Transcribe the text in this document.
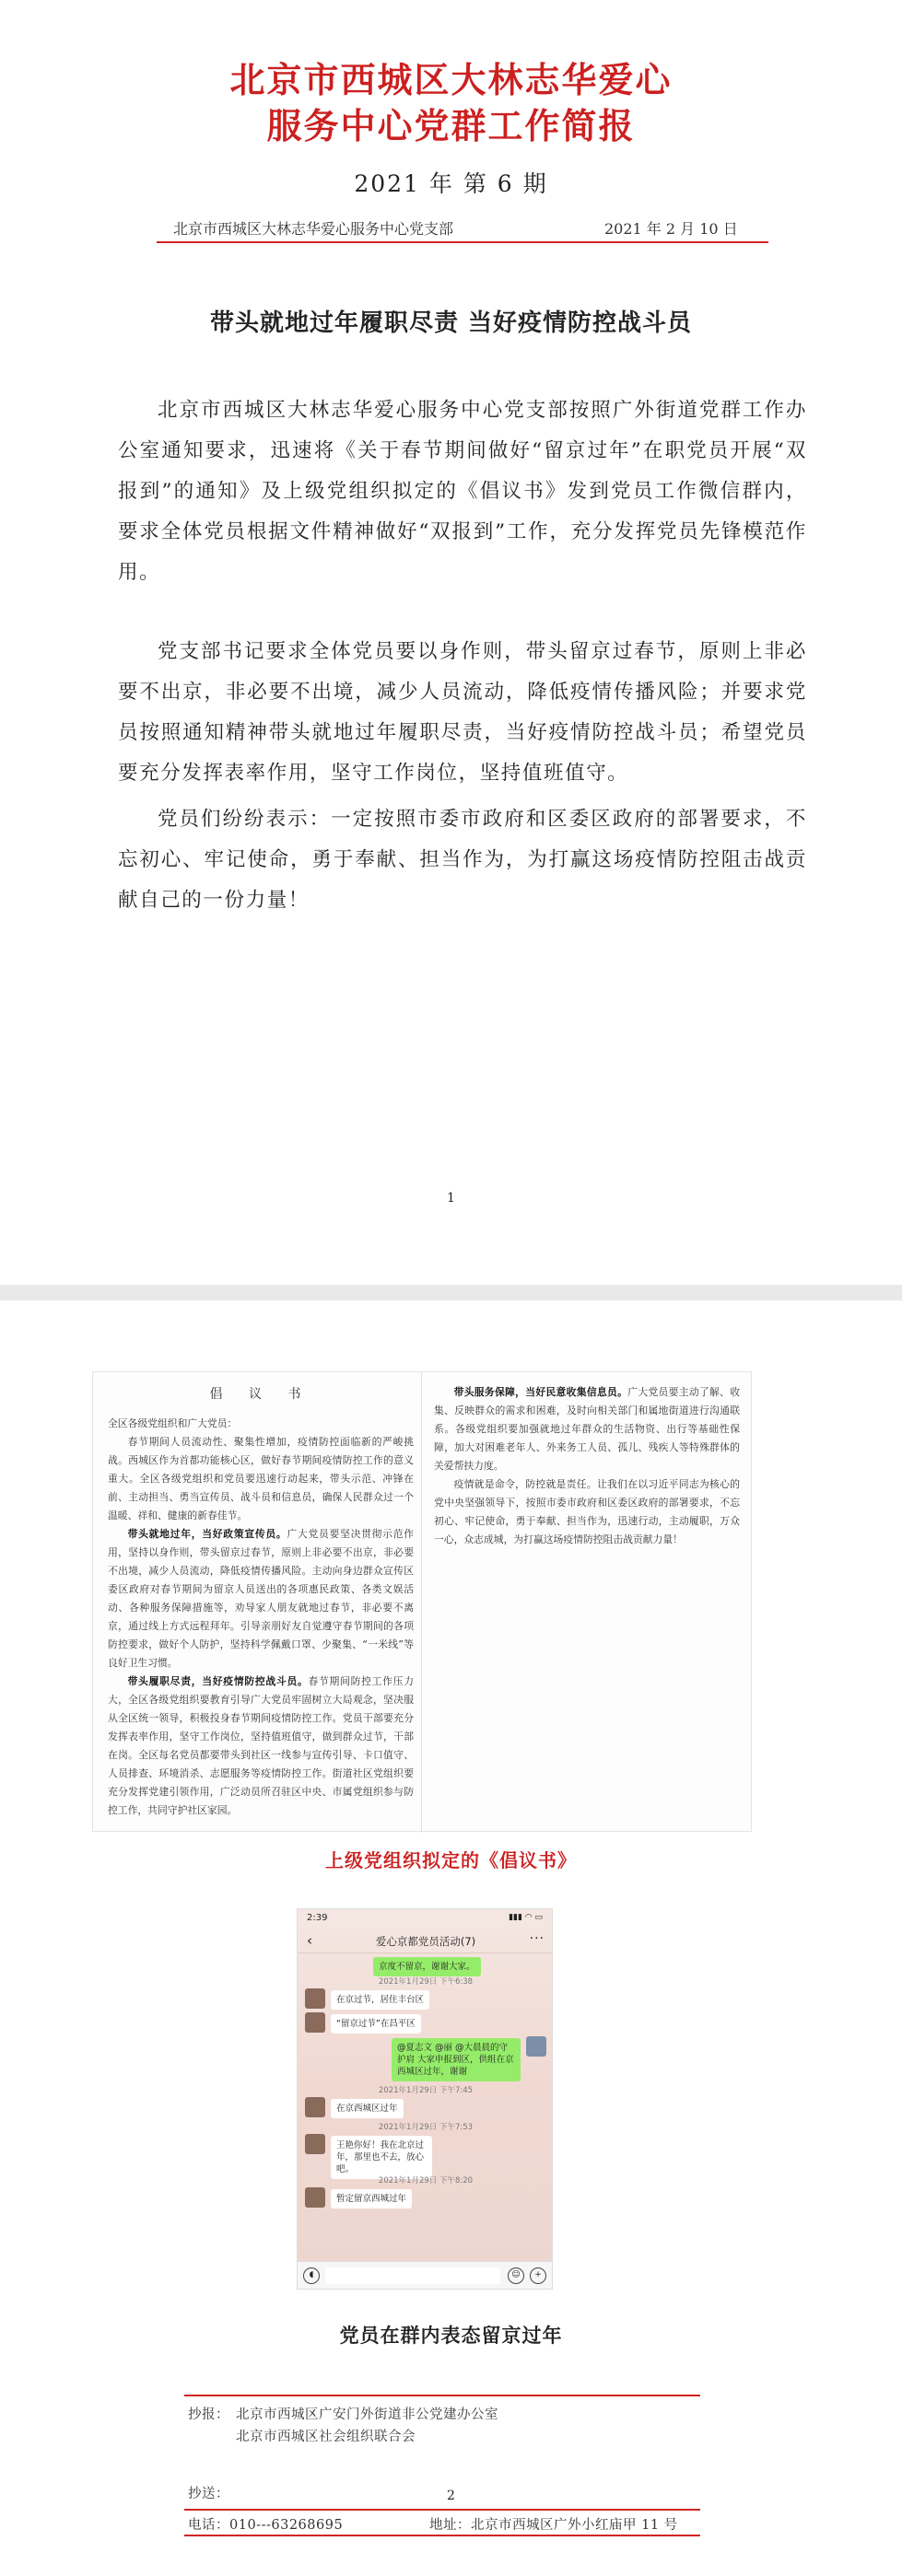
北京市西城区大林志华爱心
服务中心党群工作简报
2021 年 第 6 期
北京市西城区大林志华爱心服务中心党支部	2021 年 2 月 10 日
带头就地过年履职尽责 当好疫情防控战斗员
北京市西城区大林志华爱心服务中心党支部按照广外街道党群工作办公室通知要求，迅速将《关于春节期间做好“留京过年”在职党员开展“双报到”的通知》及上级党组织拟定的《倡议书》发到党员工作微信群内，要求全体党员根据文件精神做好“双报到”工作，充分发挥党员先锋模范作用。
党支部书记要求全体党员要以身作则，带头留京过春节，原则上非必要不出京，非必要不出境，减少人员流动，降低疫情传播风险；并要求党员按照通知精神带头就地过年履职尽责，当好疫情防控战斗员；希望党员要充分发挥表率作用，坚守工作岗位，坚持值班值守。
党员们纷纷表示：一定按照市委市政府和区委区政府的部署要求，不忘初心、牢记使命，勇于奉献、担当作为，为打赢这场疫情防控阻击战贡献自己的一份力量！
1
倡 议 书

全区各级党组织和广大党员：

春节期间人员流动性、聚集性增加，疫情防控面临新的严峻挑战。西城区作为首都功能核心区，做好春节期间疫情防控工作的意义重大。全区各级党组织和党员要迅速行动起来，带头示范、冲锋在前、主动担当、勇当宣传员、战斗员和信息员，确保人民群众过一个温暖、祥和、健康的新春佳节。

带头就地过年，当好政策宣传员。广大党员要坚决贯彻示范作用，坚持以身作则，带头留京过春节，原则上非必要不出京，非必要不出境，减少人员流动，降低疫情传播风险。主动向身边群众宣传区委区政府对春节期间为留京人员送出的各项惠民政策、各类文娱活动、各种服务保障措施等，劝导家人朋友就地过春节，非必要不离京，通过线上方式远程拜年。引导亲朋好友自觉遵守春节期间的各项防控要求，做好个人防护，坚持科学佩戴口罩、少聚集、“一米线”等良好卫生习惯。

带头履职尽责，当好疫情防控战斗员。春节期间防控工作压力大，全区各级党组织要教育引导广大党员牢固树立大局观念，坚决服从全区统一领导，积极投身春节期间疫情防控工作。党员干部要充分发挥表率作用，坚守工作岗位，坚持值班值守，做到群众过节，干部在岗。全区每名党员都要带头到社区一线参与宣传引导、卡口值守、人员排查、环境消杀、志愿服务等疫情防控工作。街道社区党组织要充分发挥党建引领作用，广泛动员所召驻区中央、市属党组织参与防控工作，共同守护社区家园。

带头服务保障，当好民意收集信息员。广大党员要主动了解、收集、反映群众的需求和困难，及时向相关部门和属地街道进行沟通联系。各级党组织要加强就地过年群众的生活物资、出行等基础性保障，加大对困难老年人、外来务工人员、孤儿、残疾人等特殊群体的关爱帮扶力度。

疫情就是命令，防控就是责任。让我们在以习近平同志为核心的党中央坚强领导下，按照市委市政府和区委区政府的部署要求，不忘初心、牢记使命，勇于奉献、担当作为，迅速行动，主动履职，万众一心，众志成城，为打赢这场疫情防控阻击战贡献力量！

上级党组织拟定的《倡议书》
2:39	▮▮▮ ◠ ▭
‹	爱心京都党员活动(7)	···
京度不留京，谢谢大家。
2021年1月29日 下午6:38
在京过节，居住丰台区
“留京过节”在昌平区
@夏志文 @丽 @大晨晨的守护肩 大家申报到区，供组在京西城区过年，谢谢
2021年1月29日 下午7:45
在京西城区过年
2021年1月29日 下午7:53
王艳你好！我在北京过年，那里也不去，放心吧。
2021年1月29日 下午8:20
暂定留京西城过年
◖	☺	+
党员在群内表态留京过年
抄报： 北京市西城区广安门外街道非公党建办公室
北京市西城区社会组织联合会
抄送：	2
电话：010---63268695	地址：北京市西城区广外小红庙甲 11 号
